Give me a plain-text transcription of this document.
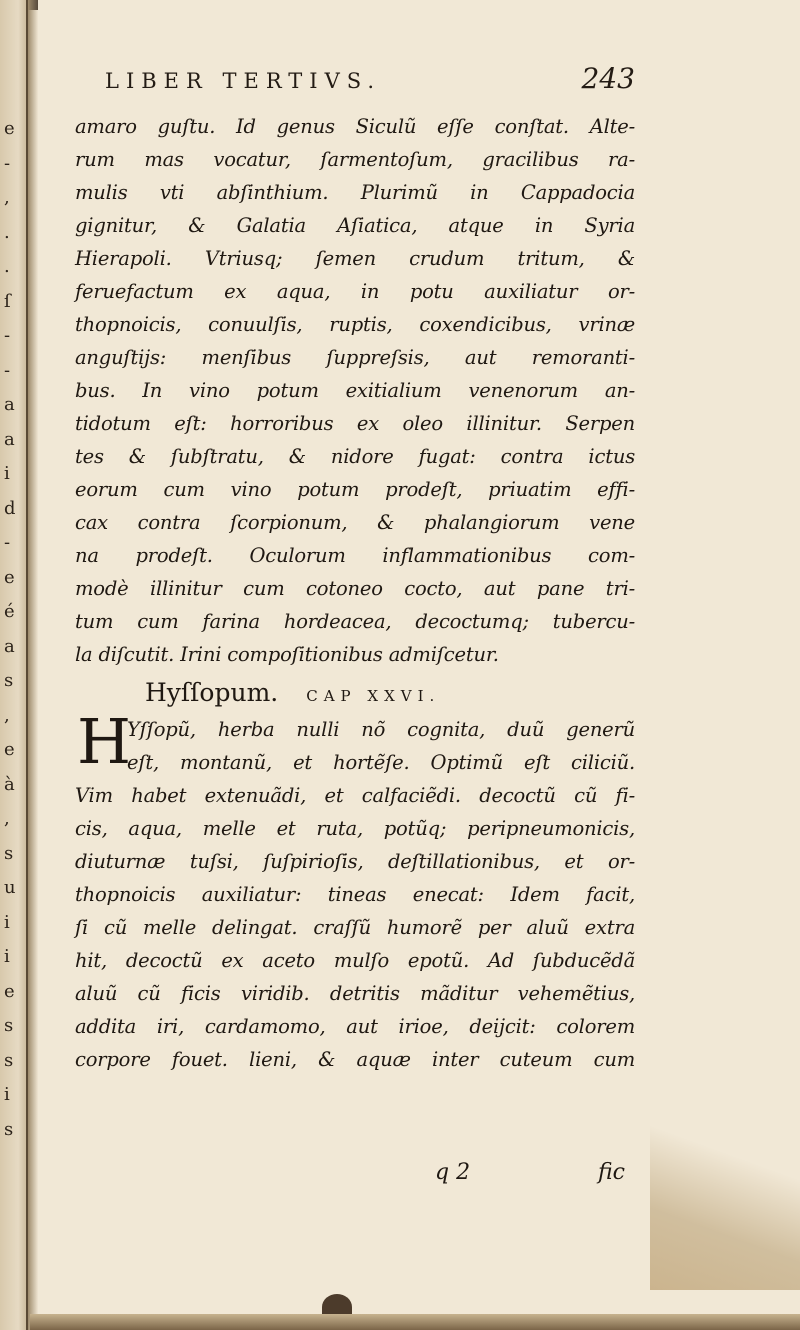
e
-
,
.
.
ſ
-
-
a
a
i
d
-
e
é
a
s
,
e
à
,
s
u
i
i
e
s
s
i
s
LIBER TERTIVS.	243
amaro guſtu. Id genus Siculũ eſſe conſtat. Alte-
rum mas vocatur, ſarmentoſum, gracilibus ra-
mulis vti abſinthium. Plurimũ in Cappadocia
gignitur, & Galatia Aſiatica, atque in Syria
Hierapoli. Vtriusq; ſemen crudum tritum, &
feruefactum ex aqua, in potu auxiliatur or-
thopnoicis, conuulſis, ruptis, coxendicibus, vrinæ
anguſtijs: menſibus ſuppreſsis, aut remoranti-
bus. In vino potum exitialium venenorum an-
tidotum eſt: horroribus ex oleo illinitur. Serpen
tes & ſubſtratu, & nidore fugat: contra ictus
eorum cum vino potum prodeſt, priuatim effi-
cax contra ſcorpionum, & phalangiorum vene
na prodeſt. Oculorum inflammationibus com-
modè illinitur cum cotoneo cocto, aut pane tri-
tum cum farina hordeacea, decoctumq; tubercu-
la diſcutit. Irini compoſitionibus admiſcetur.
Hyſſopum. CAP XXVI.
H
Yſſopũ, herba nulli nõ cognita, duũ generũ
eſt, montanũ, et hortẽſe. Optimũ eſt ciliciũ.
Vim habet extenuãdi, et calfaciẽdi. decoctũ cũ fi-
cis, aqua, melle et ruta, potũq; peripneumonicis,
diuturnæ tuſsi, ſuſpirioſis, deſtillationibus, et or-
thopnoicis auxiliatur: tineas enecat: Idem facit,
ſi cũ melle delingat. craſſũ humorẽ per aluũ extra
hit, decoctũ ex aceto mulſo epotũ. Ad ſubducẽdã
aluũ cũ ficis viridib. detritis mãditur vehemẽtius,
addita iri, cardamomo, aut irioe, deijcit: colorem
corpore fouet. lieni, & aquæ inter cuteum cum
q 2	fic
